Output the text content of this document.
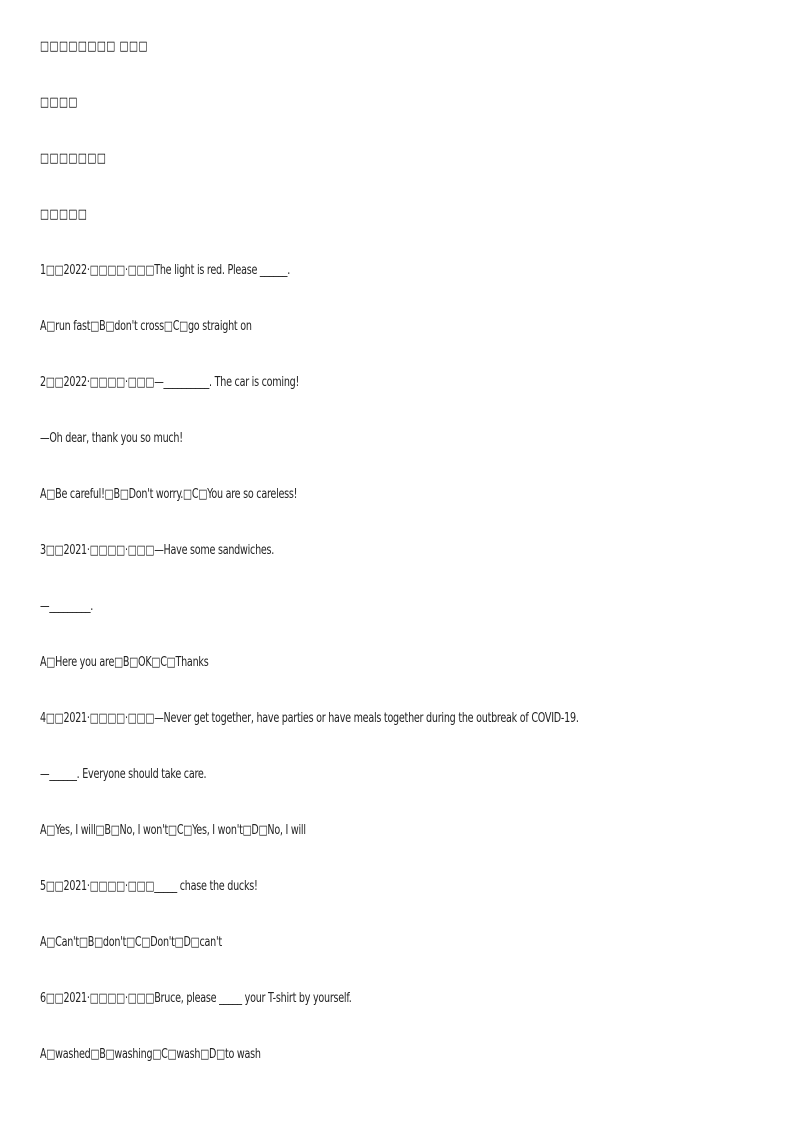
□□□□□□□□ □□□
□□□□
□□□□□□□
□□□□□
1□□2022·□□□□·□□□The light is red. Please ______.
A□run fast□B□don't cross□C□go straight on
2□□2022·□□□□·□□□—__________. The car is coming!
—Oh dear, thank you so much!
A□Be careful!□B□Don't worry.□C□You are so careless!
3□□2021·□□□□·□□□—Have some sandwiches.
—_________.
A□Here you are□B□OK□C□Thanks
4□□2021·□□□□·□□□—Never get together, have parties or have meals together during the outbreak of COVID-19.
—______. Everyone should take care.
A□Yes, I will□B□No, I won't□C□Yes, I won't□D□No, I will
5□□2021·□□□□·□□□_____ chase the ducks!
A□Can't□B□don't□C□Don't□D□can't
6□□2021·□□□□·□□□Bruce, please _____ your T-shirt by yourself.
A□washed□B□washing□C□wash□D□to wash
